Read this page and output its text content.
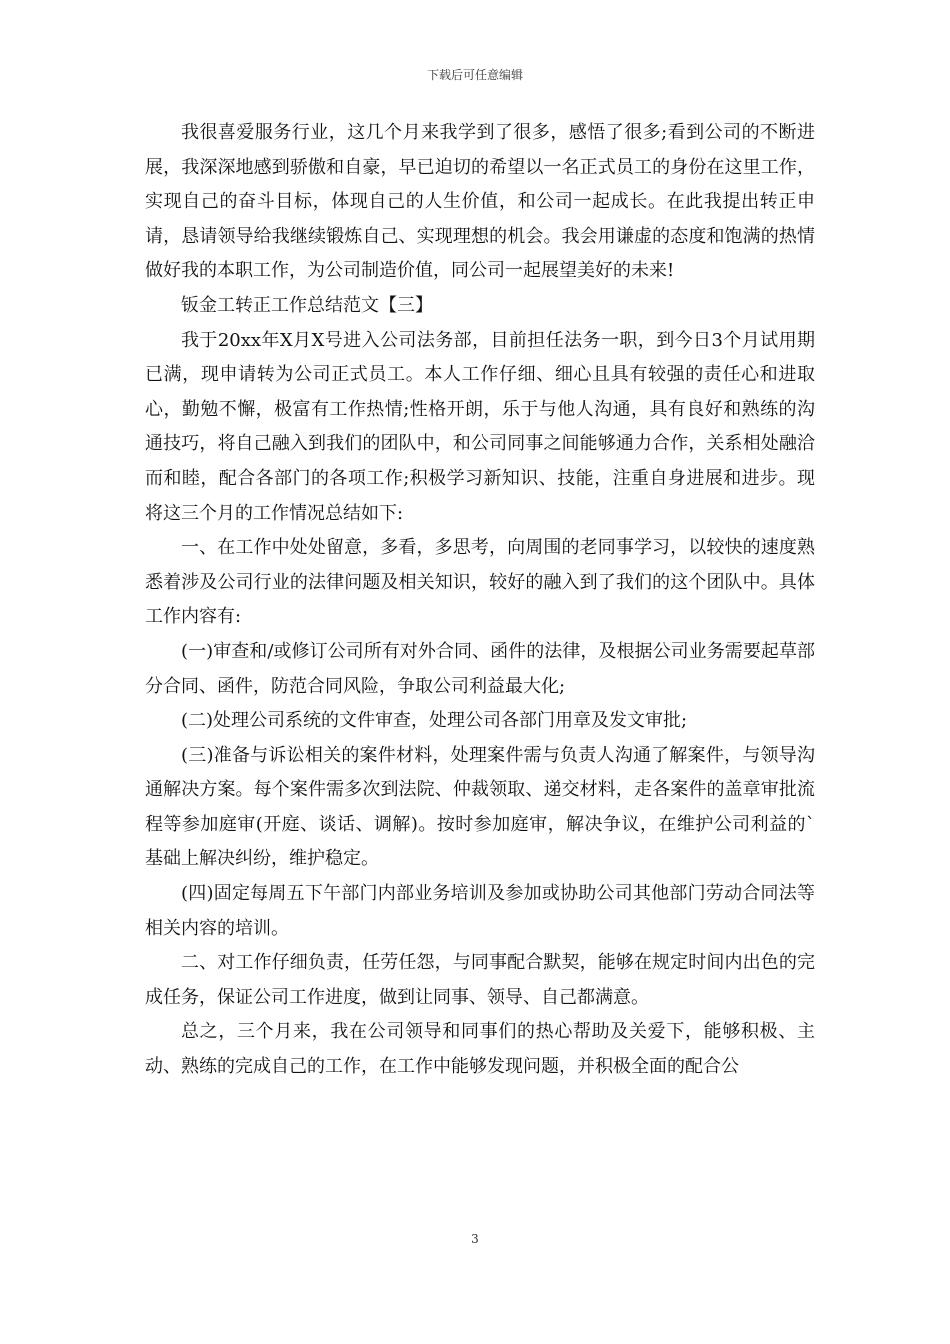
下载后可任意编辑

我很喜爱服务行业，这几个月来我学到了很多，感悟了很多;看到公司的不断进展，我深深地感到骄傲和自豪，早已迫切的希望以一名正式员工的身份在这里工作，实现自己的奋斗目标，体现自己的人生价值，和公司一起成长。在此我提出转正申请，恳请领导给我继续锻炼自己、实现理想的机会。我会用谦虚的态度和饱满的热情做好我的本职工作，为公司制造价值，同公司一起展望美好的未来!

钣金工转正工作总结范文【三】

我于20xx年X月X号进入公司法务部，目前担任法务一职，到今日3个月试用期已满，现申请转为公司正式员工。本人工作仔细、细心且具有较强的责任心和进取心，勤勉不懈，极富有工作热情;性格开朗，乐于与他人沟通，具有良好和熟练的沟通技巧，将自己融入到我们的团队中，和公司同事之间能够通力合作，关系相处融洽而和睦，配合各部门的各项工作;积极学习新知识、技能，注重自身进展和进步。现将这三个月的工作情况总结如下:

一、在工作中处处留意，多看，多思考，向周围的老同事学习，以较快的速度熟悉着涉及公司行业的法律问题及相关知识，较好的融入到了我们的这个团队中。具体工作内容有:

(一)审查和/或修订公司所有对外合同、函件的法律，及根据公司业务需要起草部分合同、函件，防范合同风险，争取公司利益最大化;

(二)处理公司系统的文件审查，处理公司各部门用章及发文审批;

(三)准备与诉讼相关的案件材料，处理案件需与负责人沟通了解案件，与领导沟通解决方案。每个案件需多次到法院、仲裁领取、递交材料，走各案件的盖章审批流程等参加庭审(开庭、谈话、调解)。按时参加庭审，解决争议，在维护公司利益的`基础上解决纠纷，维护稳定。

(四)固定每周五下午部门内部业务培训及参加或协助公司其他部门劳动合同法等相关内容的培训。

二、对工作仔细负责，任劳任怨，与同事配合默契，能够在规定时间内出色的完成任务，保证公司工作进度，做到让同事、领导、自己都满意。

总之，三个月来，我在公司领导和同事们的热心帮助及关爱下，能够积极、主动、熟练的完成自己的工作，在工作中能够发现问题，并积极全面的配合公

3
